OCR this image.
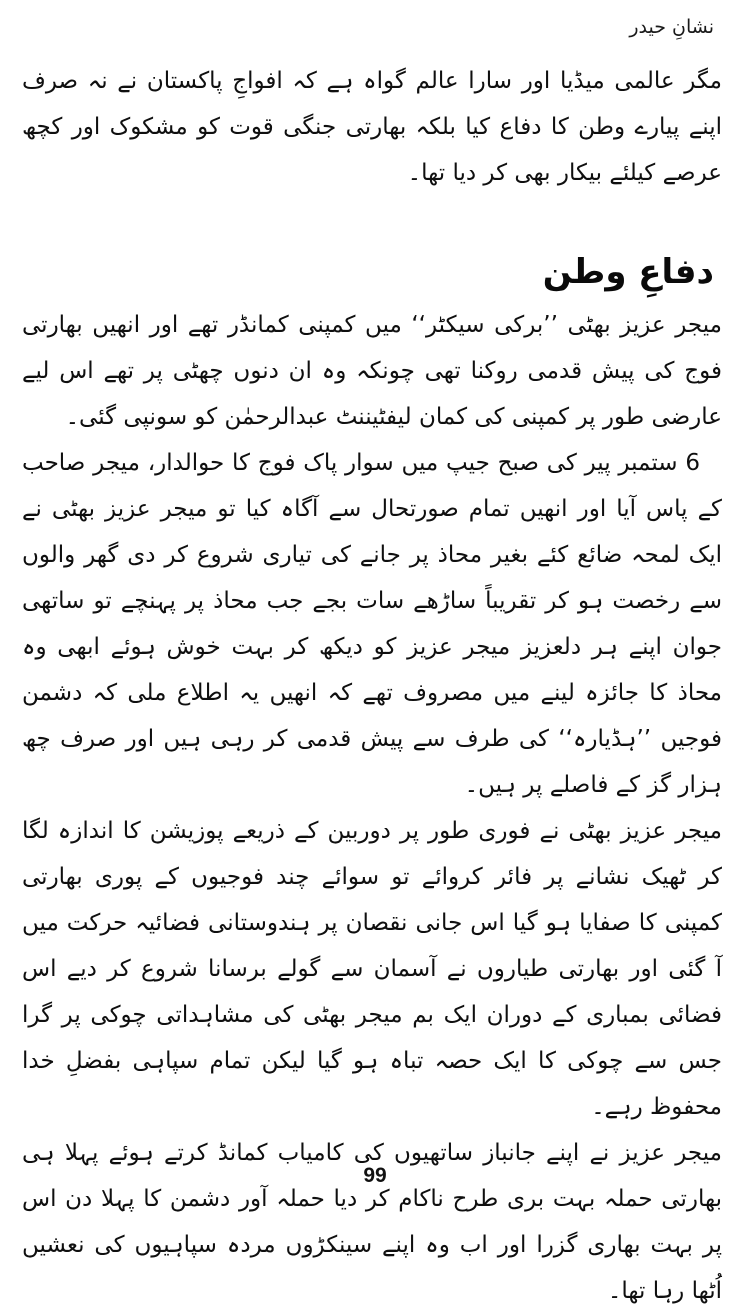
نشانِ حیدر

مگر عالمی میڈیا اور سارا عالم گواہ ہے کہ افواجِ پاکستان نے نہ صرف اپنے پیارے وطن کا دفاع کیا بلکہ بھارتی جنگی قوت کو مشکوک اور کچھ عرصے کیلئے بیکار بھی کر دیا تھا۔

دفاعِ وطن

میجر عزیز بھٹی ’’برکی سیکٹر‘‘ میں کمپنی کمانڈر تھے اور انھیں بھارتی فوج کی پیش قدمی روکنا تھی چونکہ وہ ان دنوں چھٹی پر تھے اس لیے عارضی طور پر کمپنی کی کمان لیفٹیننٹ عبدالرحمٰن کو سونپی گئی۔

6 ستمبر پیر کی صبح جیپ میں سوار پاک فوج کا حوالدار، میجر صاحب کے پاس آیا اور انھیں تمام صورتحال سے آگاہ کیا تو میجر عزیز بھٹی نے ایک لمحہ ضائع کئے بغیر محاذ پر جانے کی تیاری شروع کر دی گھر والوں سے رخصت ہو کر تقریباً ساڑھے سات بجے جب محاذ پر پہنچے تو ساتھی جوان اپنے ہر دلعزیز میجر عزیز کو دیکھ کر بہت خوش ہوئے ابھی وہ محاذ کا جائزہ لینے میں مصروف تھے کہ انھیں یہ اطلاع ملی کہ دشمن فوجیں ’’ہڈیارہ‘‘ کی طرف سے پیش قدمی کر رہی ہیں اور صرف چھ ہزار گز کے فاصلے پر ہیں۔

میجر عزیز بھٹی نے فوری طور پر دوربین کے ذریعے پوزیشن کا اندازہ لگا کر ٹھیک نشانے پر فائر کروائے تو سوائے چند فوجیوں کے پوری بھارتی کمپنی کا صفایا ہو گیا اس جانی نقصان پر ہندوستانی فضائیہ حرکت میں آ گئی اور بھارتی طیاروں نے آسمان سے گولے برسانا شروع کر دیے اس فضائی بمباری کے دوران ایک بم میجر بھٹی کی مشاہداتی چوکی پر گرا جس سے چوکی کا ایک حصہ تباہ ہو گیا لیکن تمام سپاہی بفضلِ خدا محفوظ رہے۔

میجر عزیز نے اپنے جانباز ساتھیوں کی کامیاب کمانڈ کرتے ہوئے پہلا ہی بھارتی حملہ بہت بری طرح ناکام کر دیا حملہ آور دشمن کا پہلا دن اس پر بہت بھاری گزرا اور اب وہ اپنے سینکڑوں مردہ سپاہیوں کی نعشیں اُٹھا رہا تھا۔

99
